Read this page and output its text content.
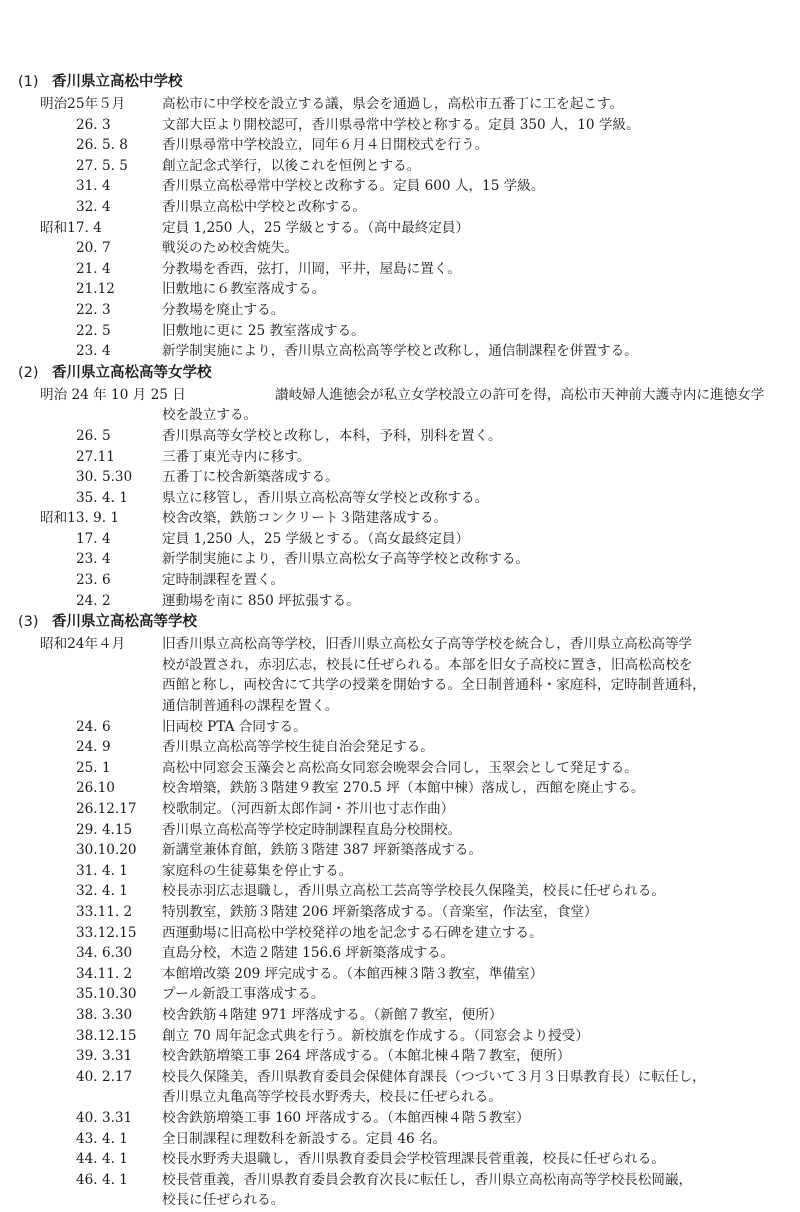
(1) 香川県立高松中学校
明治25年５月	高松市に中学校を設立する議，県会を通過し，高松市五番丁に工を起こす。
26. 3	文部大臣より開校認可，香川県尋常中学校と称する。定員 350 人，10 学級。
26. 5. 8	香川県尋常中学校設立，同年６月４日開校式を行う。
27. 5. 5	創立記念式挙行，以後これを恒例とする。
31. 4	香川県立高松尋常中学校と改称する。定員 600 人，15 学級。
32. 4	香川県立高松中学校と改称する。
昭和17. 4	定員 1,250 人，25 学級とする。（高中最終定員）
20. 7	戦災のため校舎焼失。
21. 4	分教場を香西，弦打，川岡，平井，屋島に置く。
21.12	旧敷地に６教室落成する。
22. 3	分教場を廃止する。
22. 5	旧敷地に更に 25 教室落成する。
23. 4	新学制実施により，香川県立高松高等学校と改称し，通信制課程を併置する。
(2) 香川県立高松高等女学校
明治 24 年 10 月 25 日	讃岐婦人進徳会が私立女学校設立の許可を得，高松市天神前大護寺内に進徳女学
校を設立する。
26. 5	香川県高等女学校と改称し，本科，予科，別科を置く。
27.11	三番丁東光寺内に移す。
30. 5.30	五番丁に校舎新築落成する。
35. 4. 1	県立に移管し，香川県立高松高等女学校と改称する。
昭和13. 9. 1	校舎改築，鉄筋コンクリート３階建落成する。
17. 4	定員 1,250 人，25 学級とする。（高女最終定員）
23. 4	新学制実施により，香川県立高松女子高等学校と改称する。
23. 6	定時制課程を置く。
24. 2	運動場を南に 850 坪拡張する。
(3) 香川県立高松高等学校
昭和24年４月	旧香川県立高松高等学校，旧香川県立高松女子高等学校を統合し，香川県立高松高等学
校が設置され，赤羽広志，校長に任ぜられる。本部を旧女子高校に置き，旧高松高校を
西館と称し，両校舎にて共学の授業を開始する。全日制普通科・家庭科，定時制普通科，
通信制普通科の課程を置く。
24. 6	旧両校 PTA 合同する。
24. 9	香川県立高松高等学校生徒自治会発足する。
25. 1	高松中同窓会玉藻会と高松高女同窓会晩翠会合同し，玉翠会として発足する。
26.10	校舎増築，鉄筋３階建９教室 270.5 坪（本館中棟）落成し，西館を廃止する。
26.12.17	校歌制定。（河西新太郎作詞・芥川也寸志作曲）
29. 4.15	香川県立高松高等学校定時制課程直島分校開校。
30.10.20	新講堂兼体育館，鉄筋３階建 387 坪新築落成する。
31. 4. 1	家庭科の生徒募集を停止する。
32. 4. 1	校長赤羽広志退職し，香川県立高松工芸高等学校長久保隆美，校長に任ぜられる。
33.11. 2	特別教室，鉄筋３階建 206 坪新築落成する。（音楽室，作法室，食堂）
33.12.15	西運動場に旧高松中学校発祥の地を記念する石碑を建立する。
34. 6.30	直島分校，木造２階建 156.6 坪新築落成する。
34.11. 2	本館増改築 209 坪完成する。（本館西棟３階３教室，準備室）
35.10.30	プール新設工事落成する。
38. 3.30	校舎鉄筋４階建 971 坪落成する。（新館７教室，便所）
38.12.15	創立 70 周年記念式典を行う。新校旗を作成する。（同窓会より授受）
39. 3.31	校舎鉄筋増築工事 264 坪落成する。（本館北棟４階７教室，便所）
40. 2.17	校長久保隆美，香川県教育委員会保健体育課長（つづいて３月３日県教育長）に転任し，
香川県立丸亀高等学校長水野秀夫，校長に任ぜられる。
40. 3.31	校舎鉄筋増築工事 160 坪落成する。（本館西棟４階５教室）
43. 4. 1	全日制課程に理数科を新設する。定員 46 名。
44. 4. 1	校長水野秀夫退職し，香川県教育委員会学校管理課長菅重義，校長に任ぜられる。
46. 4. 1	校長菅重義，香川県教育委員会教育次長に転任し，香川県立高松南高等学校長松岡巌，
校長に任ぜられる。
